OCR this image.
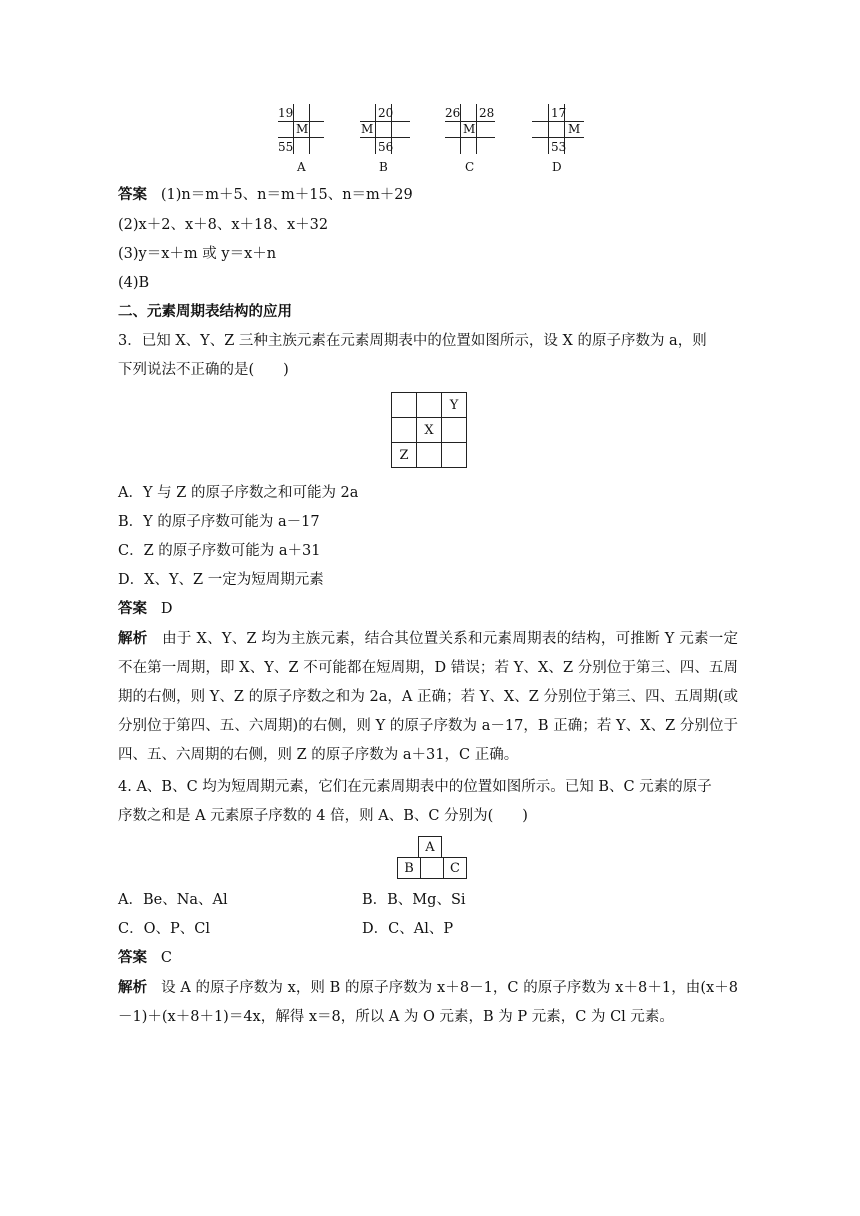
19
M
55
A
20
M
56
B
26 28
M
C
17
M
53
D
答案 (1)n＝m＋5、n＝m＋15、n＝m＋29
(2)x＋2、x＋8、x＋18、x＋32
(3)y＝x＋m 或 y＝x＋n
(4)B
二、元素周期表结构的应用
3．已知 X、Y、Z 三种主族元素在元素周期表中的位置如图所示，设 X 的原子序数为 a，则
下列说法不正确的是(　　)
		Y
	X	
Z		
A．Y 与 Z 的原子序数之和可能为 2a
B．Y 的原子序数可能为 a－17
C．Z 的原子序数可能为 a＋31
D．X、Y、Z 一定为短周期元素
答案 D
解析 由于 X、Y、Z 均为主族元素，结合其位置关系和元素周期表的结构，可推断 Y 元素一定不在第一周期，即 X、Y、Z 不可能都在短周期，D 错误；若 Y、X、Z 分别位于第三、四、五周期的右侧，则 Y、Z 的原子序数之和为 2a，A 正确；若 Y、X、Z 分别位于第三、四、五周期(或分别位于第四、五、六周期)的右侧，则 Y 的原子序数为 a－17，B 正确；若 Y、X、Z 分别位于四、五、六周期的右侧，则 Z 的原子序数为 a＋31，C 正确。
4. A、B、C 均为短周期元素，它们在元素周期表中的位置如图所示。已知 B、C 元素的原子
序数之和是 A 元素原子序数的 4 倍，则 A、B、C 分别为(　　)
A
B		C
A．Be、Na、Al	B．B、Mg、Si
C．O、P、Cl	D．C、Al、P
答案 C
解析 设 A 的原子序数为 x，则 B 的原子序数为 x＋8－1，C 的原子序数为 x＋8＋1，由(x＋8－1)＋(x＋8＋1)＝4x，解得 x＝8，所以 A 为 O 元素，B 为 P 元素，C 为 Cl 元素。
